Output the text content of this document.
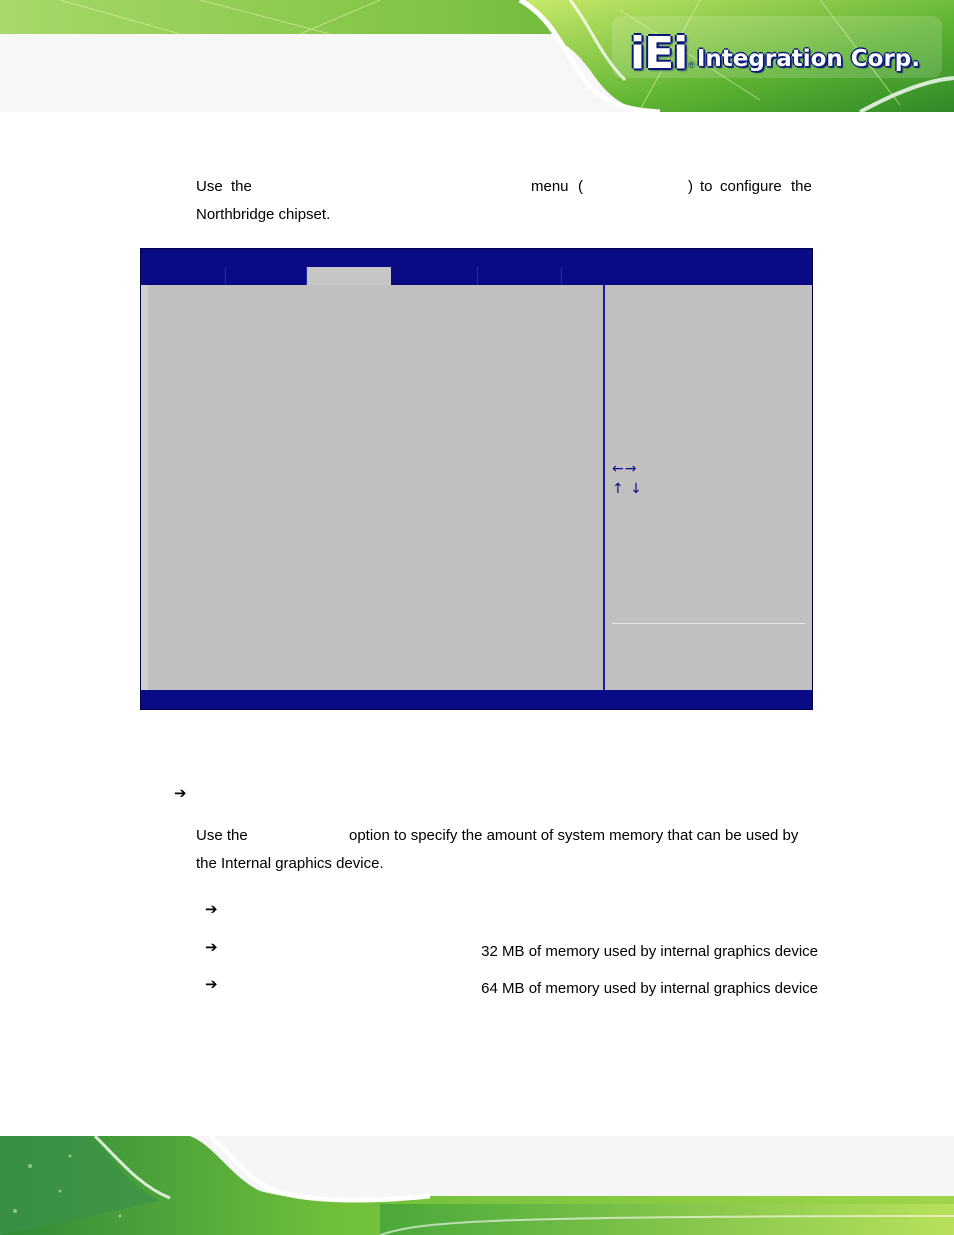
iEi ® Integration Corp.
Use the	menu (	) to configure the
Northbridge chipset.
←→
↑ ↓
➔
Use the	option to specify the amount of system memory that can be used by
the Internal graphics device.
➔
➔	32 MB of memory used by internal graphics device
➔	64 MB of memory used by internal graphics device
